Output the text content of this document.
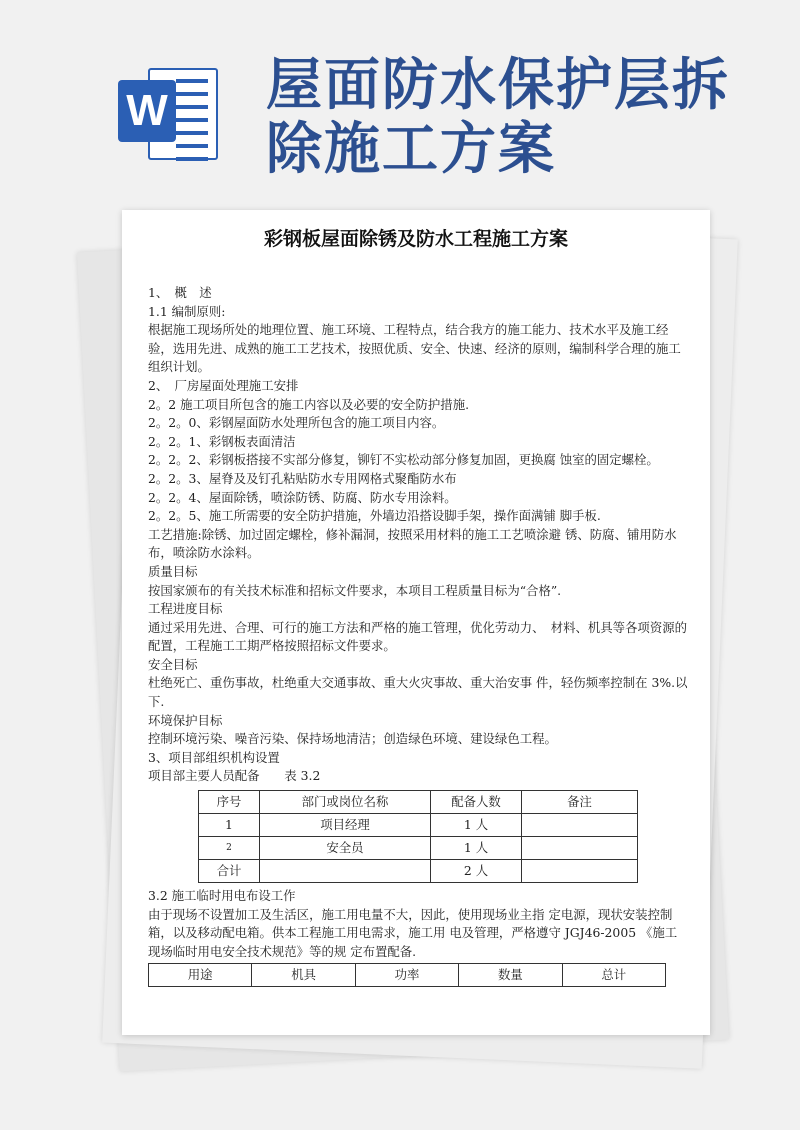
W 屋面防水保护层拆除施工方案
彩钢板屋面除锈及防水工程施工方案

1、　概　述

1.1 编制原则:

根据施工现场所处的地理位置、施工环境、工程特点，结合我方的施工能力、技术水平及施工经验，选用先进、成熟的施工工艺技术，按照优质、安全、快速、经济的原则，编制科学合理的施工组织计划。

2、　厂房屋面处理施工安排

2。2 施工项目所包含的施工内容以及必要的安全防护措施.

2。2。0、彩钢屋面防水处理所包含的施工项目内容。

2。2。1、彩钢板表面清洁

2。2。2、彩钢板搭接不实部分修复，铆钉不实松动部分修复加固，更换腐 蚀室的固定螺栓。

2。2。3、屋脊及及钉孔粘贴防水专用网格式聚酯防水布

2。2。4、屋面除锈，喷涂防锈、防腐、防水专用涂料。

2。2。5、施工所需要的安全防护措施，外墙边沿搭设脚手架，操作面满铺 脚手板.

工艺措施:除锈、加过固定螺栓，修补漏洞，按照采用材料的施工工艺喷涂避 锈、防腐、铺用防水布，喷涂防水涂料。

质量目标

按国家颁布的有关技术标准和招标文件要求，本项目工程质量目标为“合格”.

工程进度目标

通过采用先进、合理、可行的施工方法和严格的施工管理，优化劳动力、　材料、机具等各项资源的配置，工程施工工期严格按照招标文件要求。

安全目标

杜绝死亡、重伤事故，杜绝重大交通事故、重大火灾事故、重大治安事 件，轻伤频率控制在 3%.以下.

环境保护目标

控制环境污染、噪音污染、保持场地清洁；创造绿色环境、建设绿色工程。

3、项目部组织机构设置

项目部主要人员配备　　表 3.2

序号	部门或岗位名称	配备人数	备注
1	项目经理	1 人	
2	安全员	1 人	
合计		2 人	

3.2 施工临时用电布设工作

由于现场不设置加工及生活区，施工用电量不大，因此，使用现场业主指 定电源，现状安装控制箱，以及移动配电箱。供本工程施工用电需求，施工用 电及管理，严格遵守 JGJ46-2005 《施工现场临时用电安全技术规范》等的规 定布置配备.

用途	机具	功率	数量	总计
